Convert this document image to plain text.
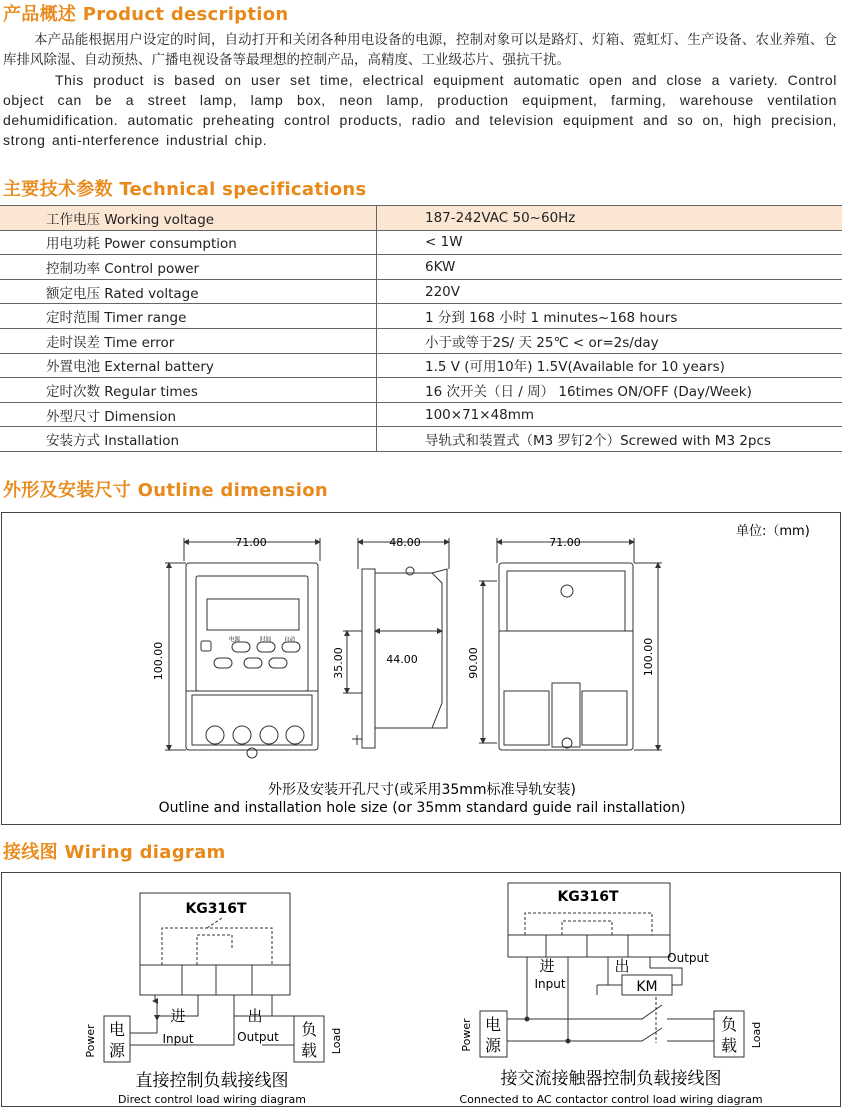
产品概述 Product description
本产品能根据用户设定的时间，自动打开和关闭各种用电设备的电源，控制对象可以是路灯、灯箱、霓虹灯、生产设备、农业养殖、仓库排风除湿、自动预热、广播电视设备等最理想的控制产品，高精度、工业级芯片、强抗干扰。
This product is based on user set time, electrical equipment automatic open and close a variety. Control object can be a street lamp, lamp box, neon lamp, production equipment, farming, warehouse ventilation dehumidification. automatic preheating control products, radio and television equipment and so on, high precision, strong anti-nterference industrial chip.
主要技术参数 Technical specifications
工作电压 Working voltage	187-242VAC 50~60Hz
用电功耗 Power consumption	< 1W
控制功率 Control power	6KW
额定电压 Rated voltage	220V
定时范围 Timer range	1 分到 168 小时 1 minutes~168 hours
走时误差 Time error	小于或等于2S/ 天 25℃ < or=2s/day
外置电池 External battery	1.5 V (可用10年) 1.5V(Available for 10 years)
定时次数 Regular times	16 次开关（日 / 周） 16times ON/OFF (Day/Week)
外型尺寸 Dimension	100×71×48mm
安装方式 Installation	导轨式和装置式（M3 罗钉2个）Screwed with M3 2pcs
外形及安装尺寸 Outline dimension
单位:（mm)
71.00
100.00
电源	时间 自动
48.00
35.00	44.00
71.00
90.00	100.00
外形及安装开孔尺寸(或采用35mm标准导轨安装)
Outline and installation hole size (or 35mm standard guide rail installation)
接线图 Wiring diagram
KG316T
进
Input
出
Output
电
源
Power	负
载 Load
直接控制负载接线图
Direct control load wiring diagram
KG316T
进
Input
出	Output
KM
电
源
Power	负
载 Load
接交流接触器控制负载接线图
Connected to AC contactor control load wiring diagram
